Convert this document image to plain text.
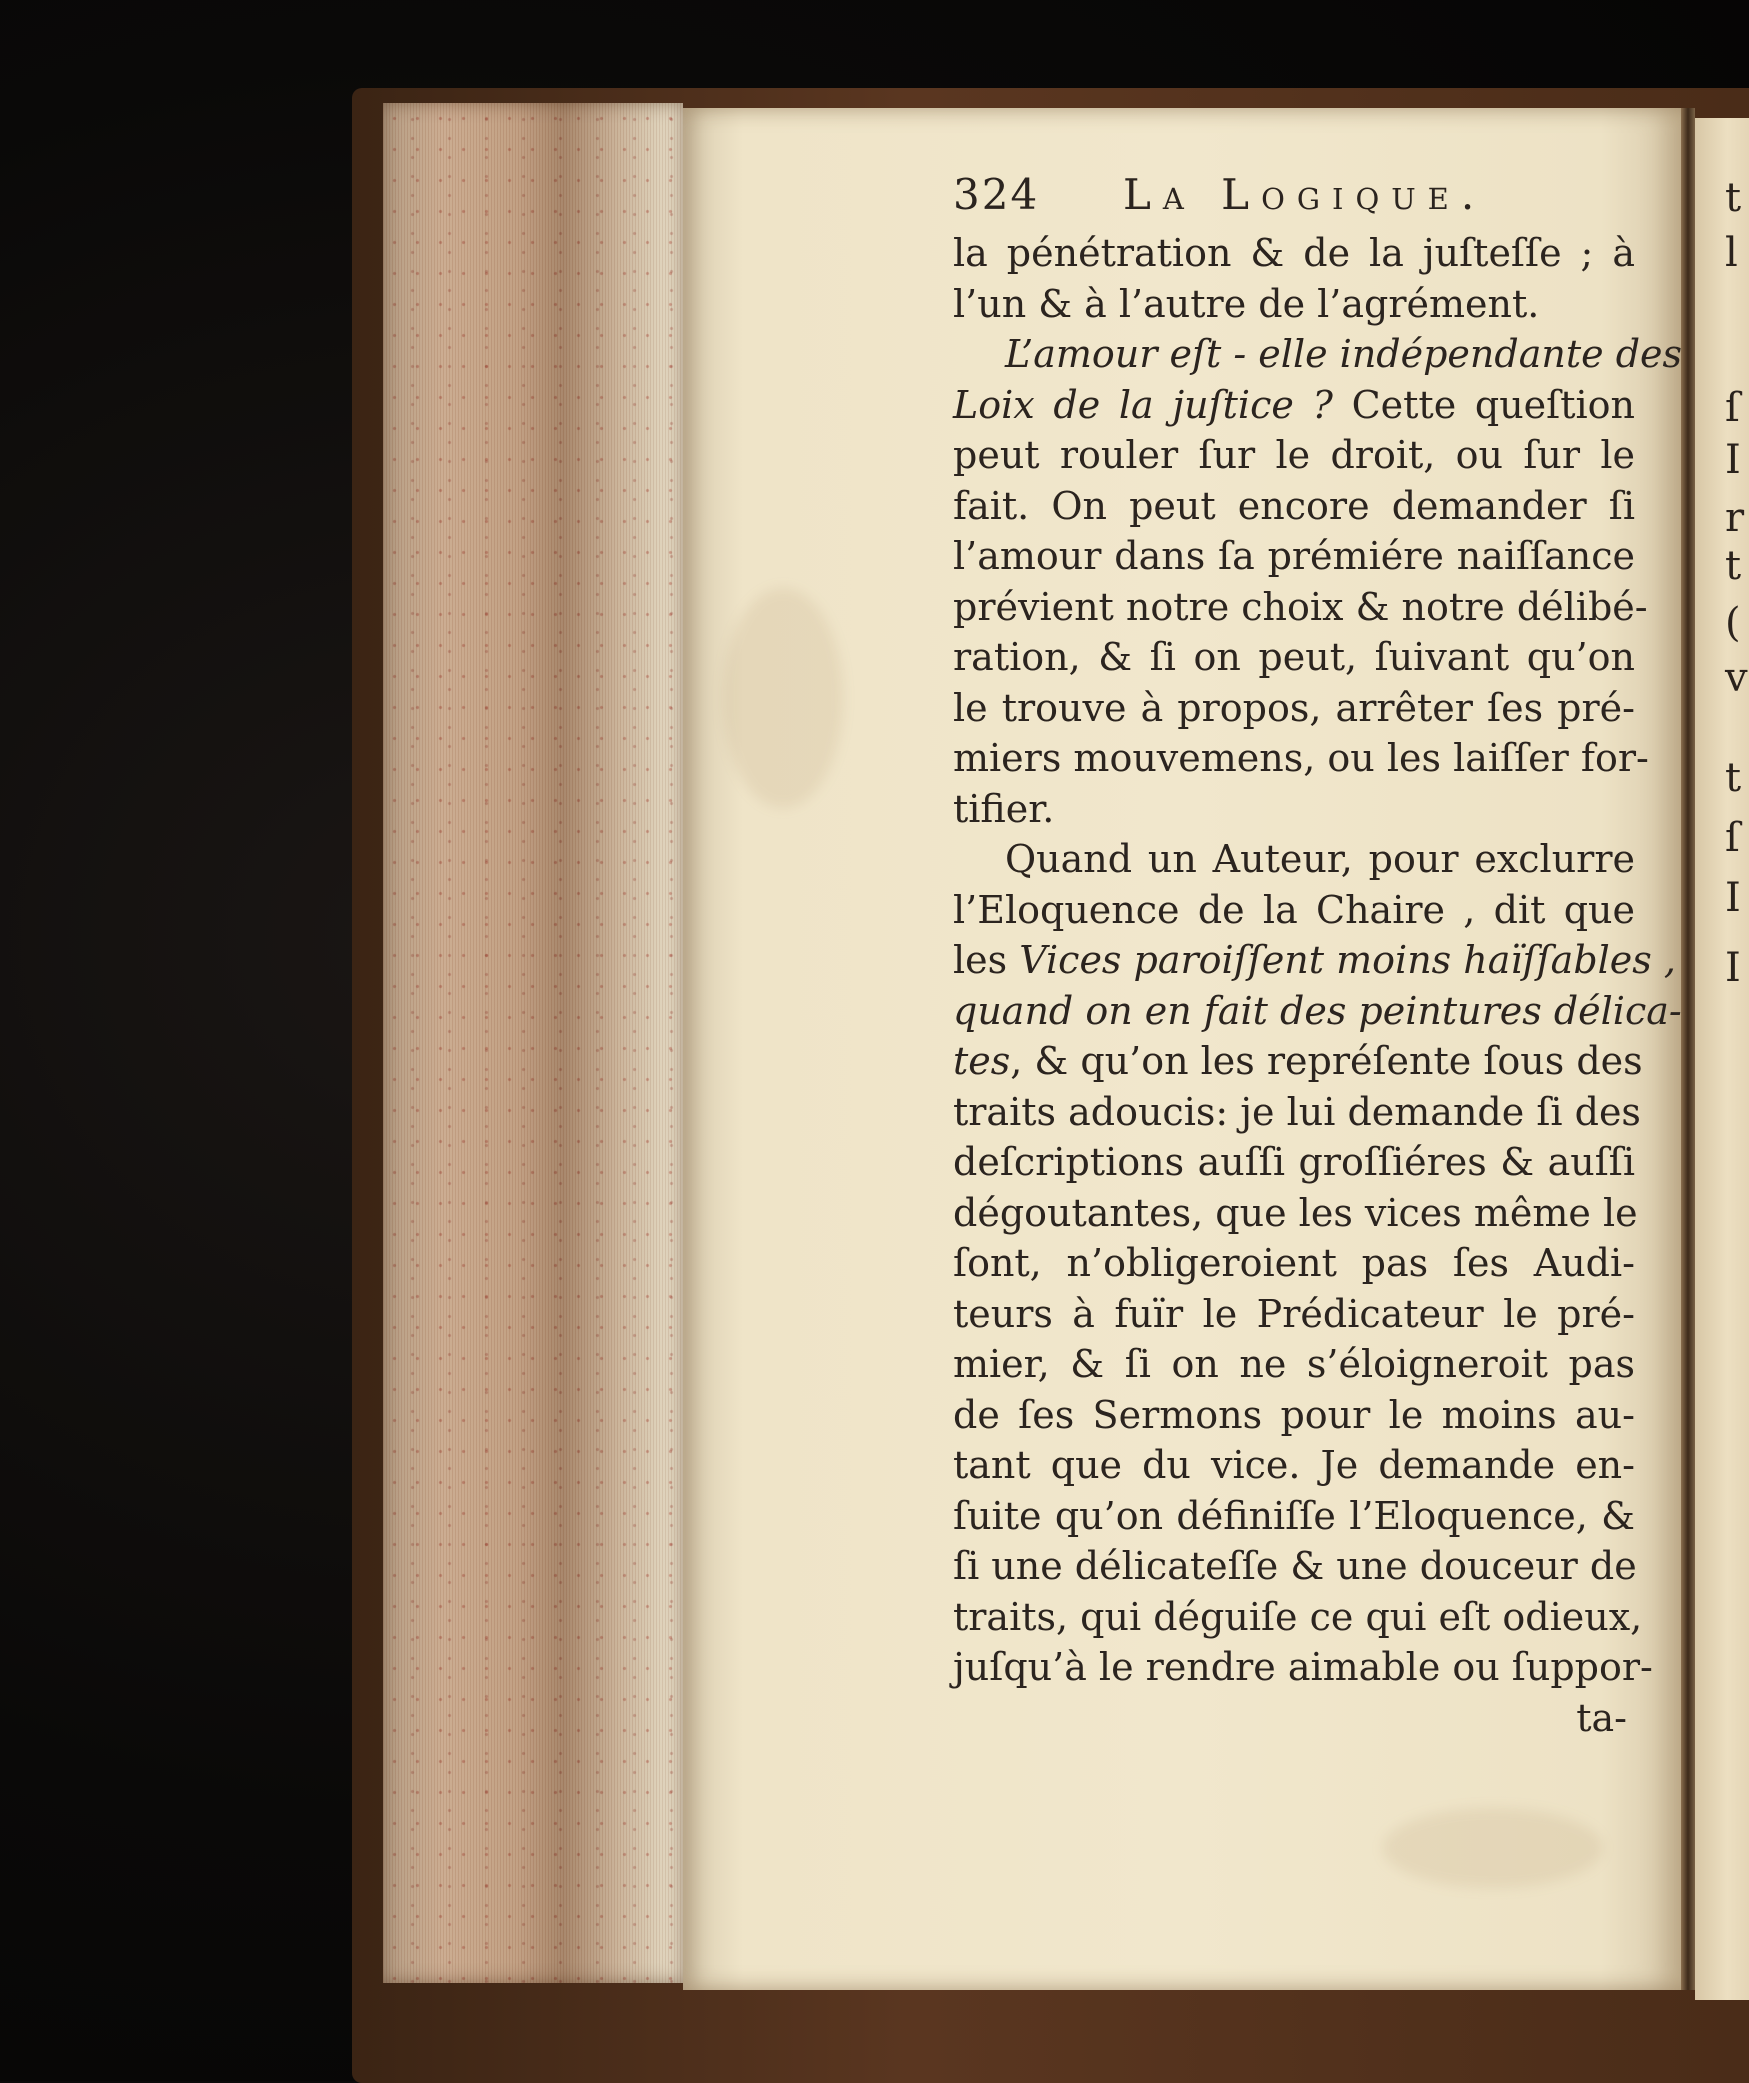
t
l
ſ
I
r
t
(
v
t
ſ
I
I
324	La Logique.
la pénétration & de la juſteſſe ; à
l’un & à l’autre de l’agrément.
L’amour eſt - elle indépendante des
Loix de la juſtice ? Cette queſtion
peut rouler ſur le droit, ou ſur le
fait. On peut encore demander ſi
l’amour dans ſa prémiére naiſſance
prévient notre choix & notre délibé-
ration, & ſi on peut, ſuivant qu’on
le trouve à propos, arrêter ſes pré-
miers mouvemens, ou les laiſſer for-
tifier.
Quand un Auteur, pour exclurre
l’Eloquence de la Chaire , dit que
les Vices paroiſſent moins haïſſables ,
quand on en fait des peintures délica-
tes, & qu’on les repréſente ſous des
traits adoucis: je lui demande ſi des
deſcriptions auſſi groſſiéres & auſſi
dégoutantes, que les vices même le
ſont, n’obligeroient pas ſes Audi-
teurs à fuïr le Prédicateur le pré-
mier, & ſi on ne s’éloigneroit pas
de ſes Sermons pour le moins au-
tant que du vice. Je demande en-
ſuite qu’on définiſſe l’Eloquence, &
ſi une délicateſſe & une douceur de
traits, qui déguiſe ce qui eſt odieux,
juſqu’à le rendre aimable ou ſuppor-
ta-
